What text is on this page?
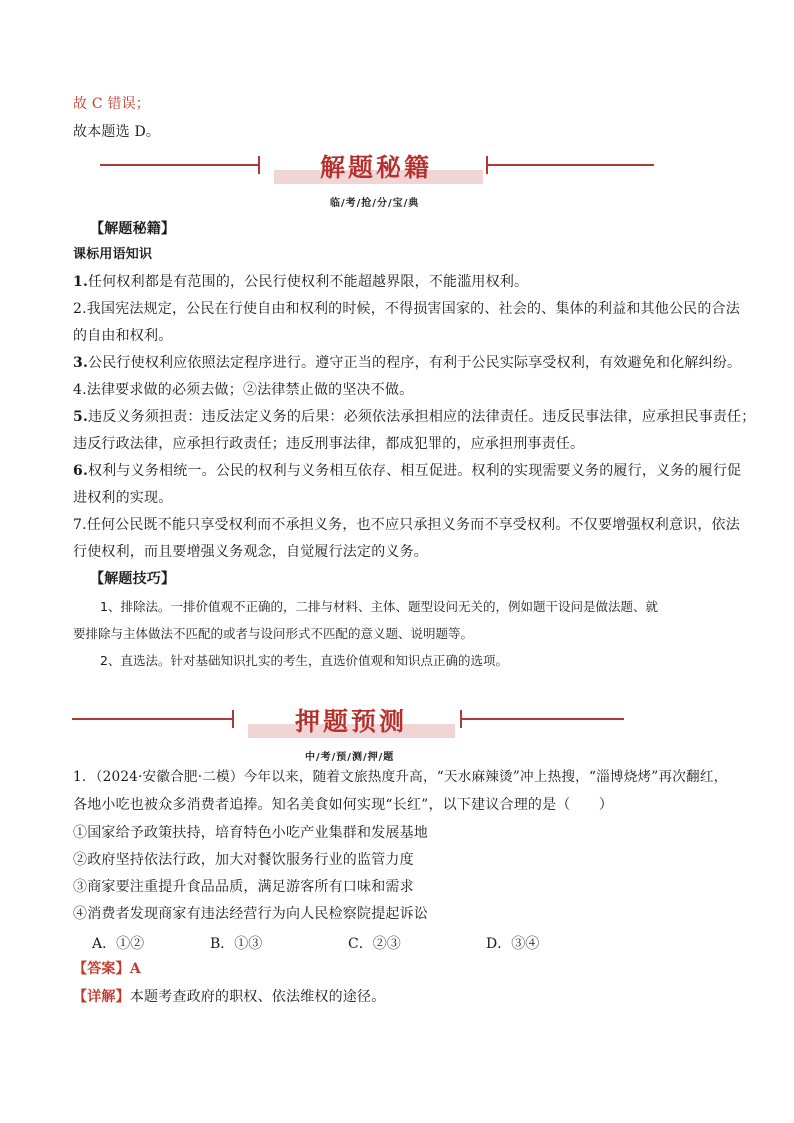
故 C 错误；
故本题选 D。
解题秘籍
临/考/抢/分/宝/典
【解题秘籍】
课标用语知识
1.任何权利都是有范围的，公民行使权利不能超越界限，不能滥用权利。
2.我国宪法规定，公民在行使自由和权利的时候，不得损害国家的、社会的、集体的利益和其他公民的合法
的自由和权利。
3.公民行使权利应依照法定程序进行。遵守正当的程序，有利于公民实际享受权利，有效避免和化解纠纷。
4.法律要求做的必须去做；②法律禁止做的坚决不做。
5.违反义务须担责：违反法定义务的后果：必须依法承担相应的法律责任。违反民事法律，应承担民事责任；
违反行政法律，应承担行政责任；违反刑事法律，都成犯罪的，应承担刑事责任。
6.权利与义务相统一。公民的权利与义务相互依存、相互促进。权利的实现需要义务的履行，义务的履行促
进权利的实现。
7.任何公民既不能只享受权利而不承担义务，也不应只承担义务而不享受权利。不仅要增强权利意识，依法
行使权利，而且要增强义务观念，自觉履行法定的义务。
【解题技巧】
1、排除法。一排价值观不正确的，二排与材料、主体、题型设问无关的，例如题干设问是做法题、就
要排除与主体做法不匹配的或者与设问形式不匹配的意义题、说明题等。
2、直选法。针对基础知识扎实的考生，直选价值观和知识点正确的选项。
押题预测
中/考/预/测/押/题
1．（2024·安徽合肥·二模）今年以来，随着文旅热度升高，“天水麻辣烫”冲上热搜，“淄博烧烤”再次翻红，
各地小吃也被众多消费者追捧。知名美食如何实现“长红”，以下建议合理的是（　　）
①国家给予政策扶持，培育特色小吃产业集群和发展基地
②政府坚持依法行政，加大对餐饮服务行业的监管力度
③商家要注重提升食品品质，满足游客所有口味和需求
④消费者发现商家有违法经营行为向人民检察院提起诉讼
A．①②	B．①③	C．②③	D．③④
【答案】A
【详解】本题考查政府的职权、依法维权的途径。
